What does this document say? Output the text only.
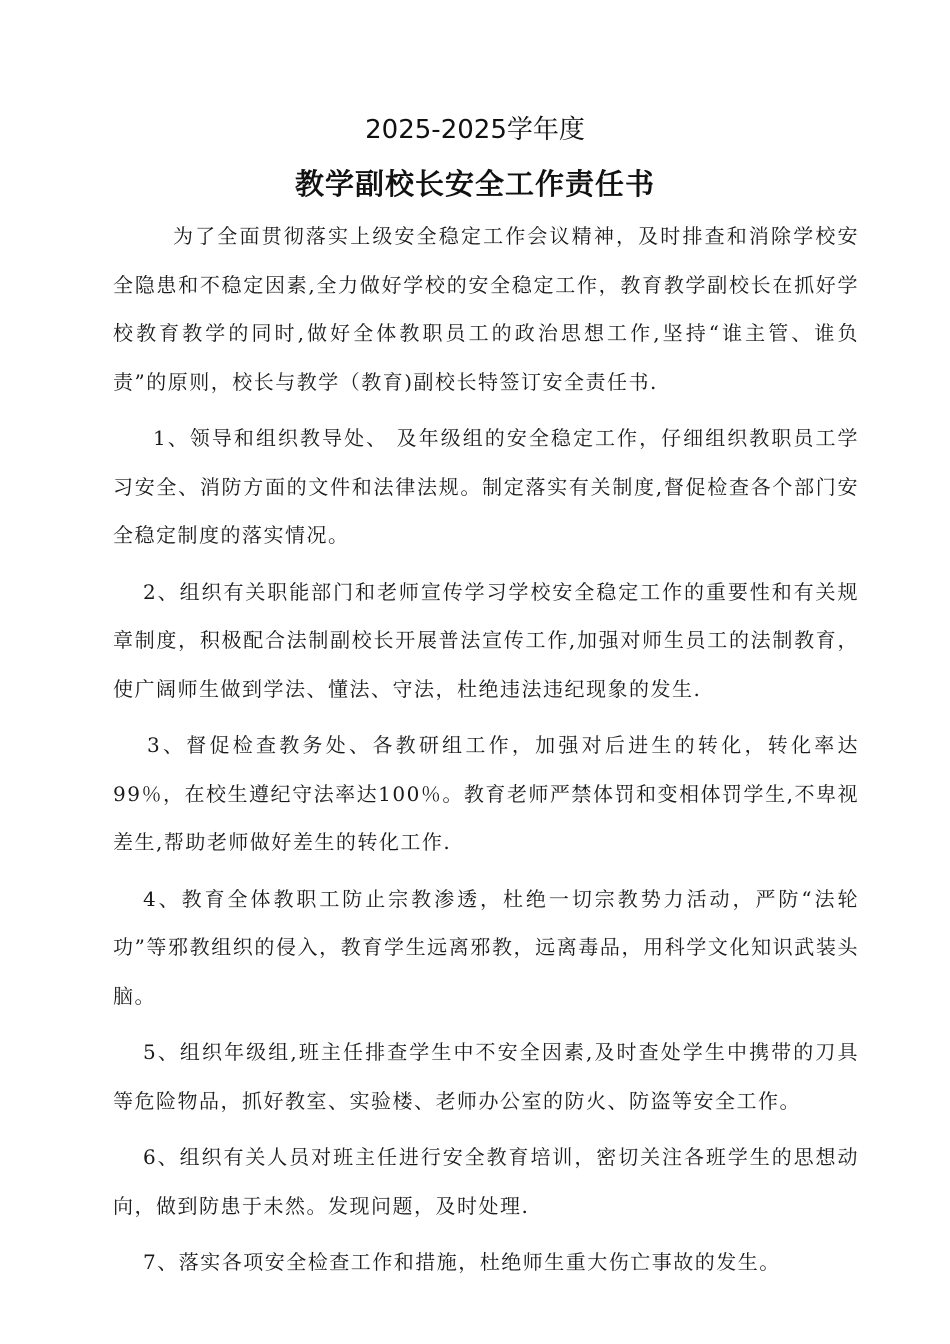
2025-2025学年度
教学副校长安全工作责任书

为了全面贯彻落实上级安全稳定工作会议精神，及时排查和消除学校安全隐患和不稳定因素,全力做好学校的安全稳定工作，教育教学副校长在抓好学校教育教学的同时,做好全体教职员工的政治思想工作,坚持“谁主管、谁负责”的原则，校长与教学（教育)副校长特签订安全责任书.

1、领导和组织教导处、 及年级组的安全稳定工作，仔细组织教职员工学习安全、消防方面的文件和法律法规。制定落实有关制度,督促检查各个部门安全稳定制度的落实情况。

2、组织有关职能部门和老师宣传学习学校安全稳定工作的重要性和有关规章制度，积极配合法制副校长开展普法宣传工作,加强对师生员工的法制教育，使广阔师生做到学法、懂法、守法，杜绝违法违纪现象的发生.

3、督促检查教务处、各教研组工作，加强对后进生的转化，转化率达99％，在校生遵纪守法率达100％。教育老师严禁体罚和变相体罚学生,不卑视差生,帮助老师做好差生的转化工作.

4、教育全体教职工防止宗教渗透，杜绝一切宗教势力活动，严防“法轮功”等邪教组织的侵入，教育学生远离邪教，远离毒品，用科学文化知识武装头脑。

5、组织年级组,班主任排查学生中不安全因素,及时查处学生中携带的刀具等危险物品，抓好教室、实验楼、老师办公室的防火、防盗等安全工作。

6、组织有关人员对班主任进行安全教育培训，密切关注各班学生的思想动向，做到防患于未然。发现问题，及时处理.

7、落实各项安全检查工作和措施，杜绝师生重大伤亡事故的发生。
